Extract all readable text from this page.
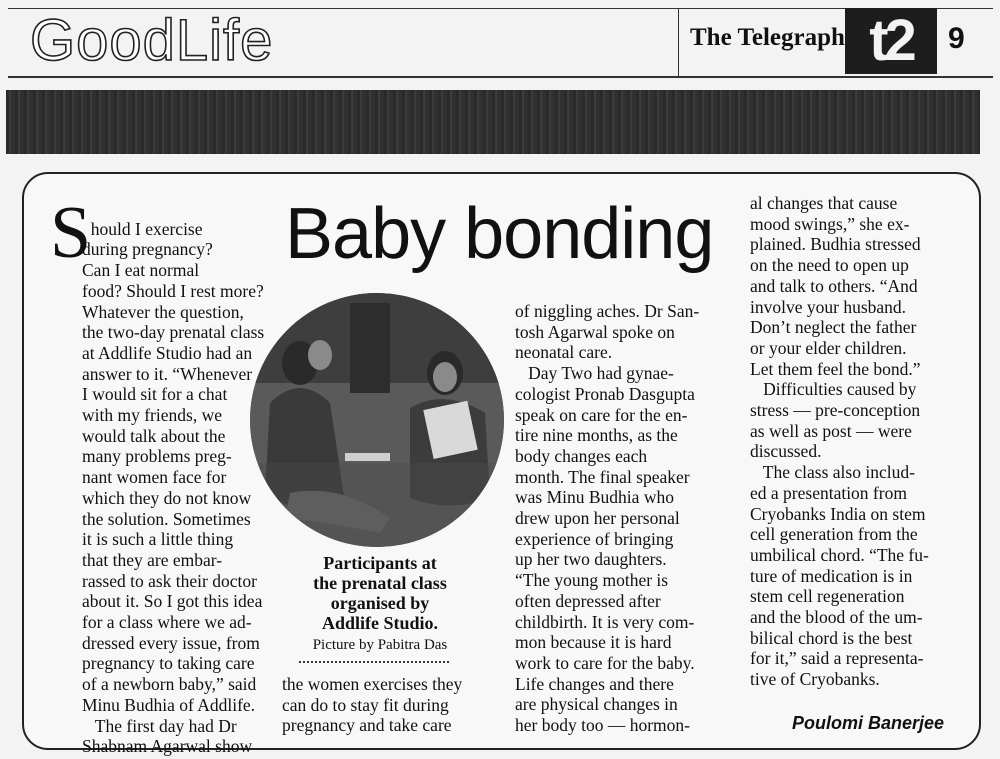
GoodLife	The Telegraph t2	9
S hould I exercise
during pregnancy?
Can I eat normal
food? Should I rest more?
Whatever the question,
the two-day prenatal class
at Addlife Studio had an
answer to it. “Whenever
I would sit for a chat
with my friends, we
would talk about the
many problems preg-
nant women face for
which they do not know
the solution. Sometimes
it is such a little thing
that they are embar-
rassed to ask their doctor
about it. So I got this idea
for a class where we ad-
dressed every issue, from
pregnancy to taking care
of a newborn baby,” said
Minu Budhia of Addlife.
The first day had Dr
Shabnam Agarwal show

Baby bonding
Participants at
the prenatal class
organised by
Addlife Studio.
Picture by Pabitra Das
the women exercises they
can do to stay fit during
pregnancy and take care
of niggling aches. Dr San-
tosh Agarwal spoke on
neonatal care.
Day Two had gynae-
cologist Pronab Dasgupta
speak on care for the en-
tire nine months, as the
body changes each
month. The final speaker
was Minu Budhia who
drew upon her personal
experience of bringing
up her two daughters.
“The young mother is
often depressed after
childbirth. It is very com-
mon because it is hard
work to care for the baby.
Life changes and there
are physical changes in
her body too — hormon-
al changes that cause
mood swings,” she ex-
plained. Budhia stressed
on the need to open up
and talk to others. “And
involve your husband.
Don’t neglect the father
or your elder children.
Let them feel the bond.”
Difficulties caused by
stress — pre-conception
as well as post — were
discussed.
The class also includ-
ed a presentation from
Cryobanks India on stem
cell generation from the
umbilical chord. “The fu-
ture of medication is in
stem cell regeneration
and the blood of the um-
bilical chord is the best
for it,” said a representa-
tive of Cryobanks.
Poulomi Banerjee
